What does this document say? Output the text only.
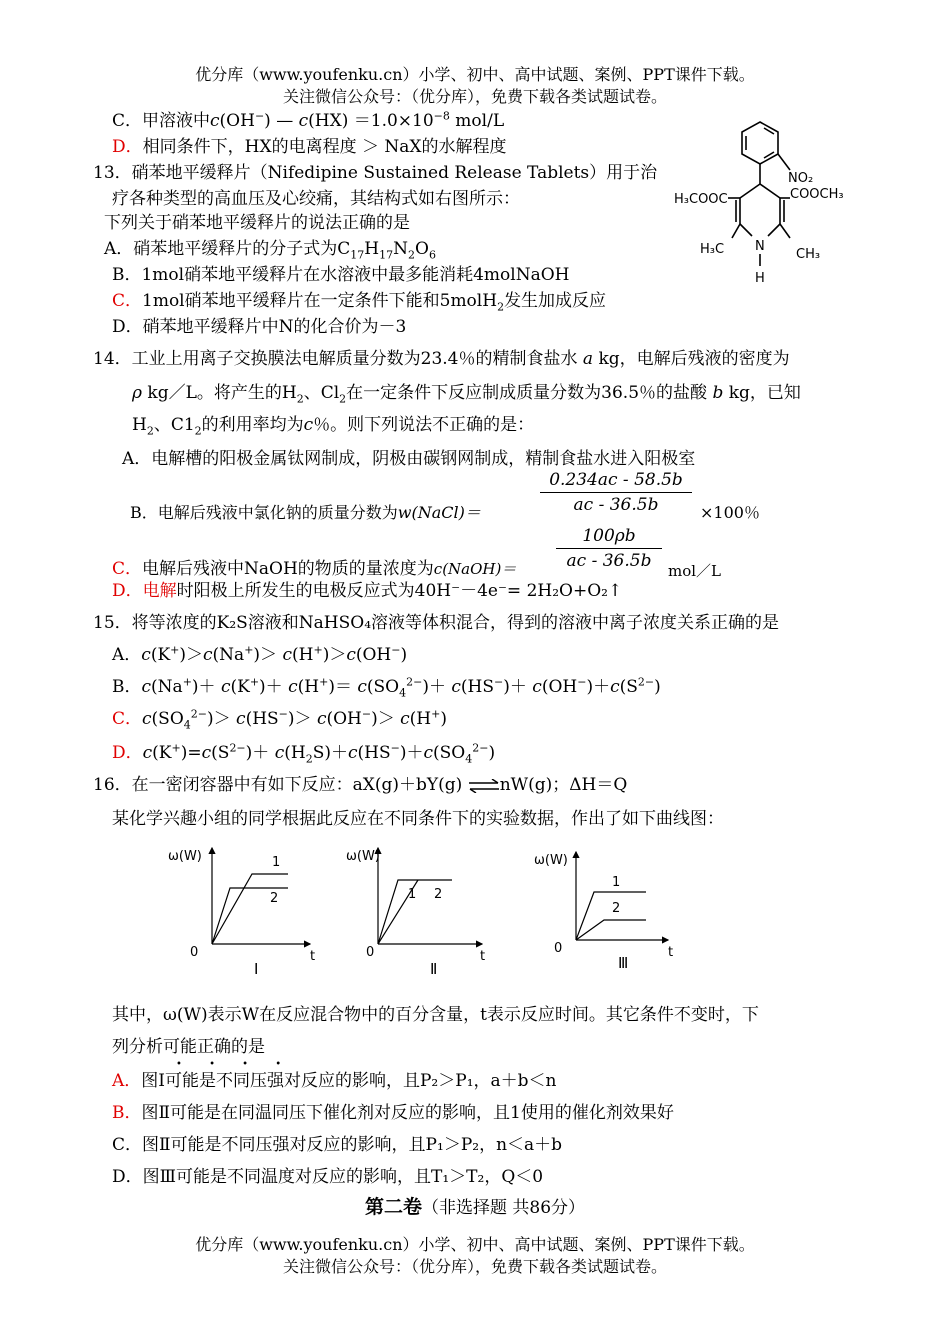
优分库（www.youfenku.cn）小学、初中、高中试题、案例、PPT课件下载。
关注微信公众号：（优分库），免费下载各类试题试卷。
C．甲溶液中c(OH−) — $c(HX) =1.0\times 10^{-8}$ mol/L
D．相同条件下，HX的电离程度 ＞ NaX的水解程度
13．硝苯地平缓释片（Nifedipine Sustained Release Tablets）用于治
疗各种类型的高血压及心绞痛，其结构式如右图所示：
下列关于硝苯地平缓释片的说法正确的是
A．硝苯地平缓释片的分子式为$C_{17}H_{17}N_2O_6$
B．1mol硝苯地平缓释片在水溶液中最多能消耗4molNaOH
C．1mol硝苯地平缓释片在一定条件下能和5molH$_2$发生加成反应
D．硝苯地平缓释片中N的化合价为－3
NO₂
H₃COOC	COOCH₃
H₃C	CH₃
N
H
14．工业上用离子交换膜法电解质量分数为23.4％的精制食盐水 a kg，电解后残液的密度为
ρ kg／L。将产生的$H_2$、$Cl_2$在一定条件下反应制成质量分数为36.5％的盐酸 b kg，已知
$H_2$、$C1_2$的利用率均为c％。则下列说法不正确的是：
A．电解槽的阳极金属钛网制成，阴极由碳钢网制成，精制食盐水进入阳极室
B．电解后残液中氯化钠的质量分数为w(NaCl)＝
0.234ac - 58.5b
ac - 36.5b	×100％
C．电解后残液中NaOH的物质的量浓度为c(NaOH)＝
100ρb
ac - 36.5b	mol／L
D．电解时阳极上所发生的电极反应式为40H⁻－4e⁻= 2H₂O+O₂↑
15．将等浓度的K₂S溶液和NaHSO₄溶液等体积混合，得到的溶液中离子浓度关系正确的是
A．c(K+)＞c(Na+)＞ c(H+)＞c(OH−)
B．$c(Na^+)+ c(K^+)+ c(H^+)= c(SO_4^{2-})+ c(HS^-)+ c(OH^-)+c(S^{2-})$
C．$c(SO_4^{2-})> c(HS^-)> c(OH^-)> c(H^+)$
D．$c(K^+)=c(S^{2-})+ c(H_2S)+c(HS^-)+c(SO_4^{2-})$
16．在一密闭容器中有如下反应：aX(g)＋bY(g) ⇌nW(g)；ΔH＝Q
某化学兴趣小组的同学根据此反应在不同条件下的实验数据，作出了如下曲线图：
ω(W)
0	t
1
2
Ⅰ
ω(W)
0	t
1 2
Ⅱ
ω(W)
0	t
1
2
Ⅲ
其中，ω(W)表示W在反应混合物中的百分含量，t表示反应时间。其它条件不变时，下
列分析可能正确的是
• • • •
A．图Ⅰ可能是不同压强对反应的影响，且P₂＞P₁，a＋b＜n
B．图Ⅱ可能是在同温同压下催化剂对反应的影响，且1使用的催化剂效果好
C．图Ⅱ可能是不同压强对反应的影响，且P₁＞P₂，n＜a＋b
D．图Ⅲ可能是不同温度对反应的影响，且T₁＞T₂，Q＜0
第二卷（非选择题 共86分）
优分库（www.youfenku.cn）小学、初中、高中试题、案例、PPT课件下载。
关注微信公众号：（优分库），免费下载各类试题试卷。
